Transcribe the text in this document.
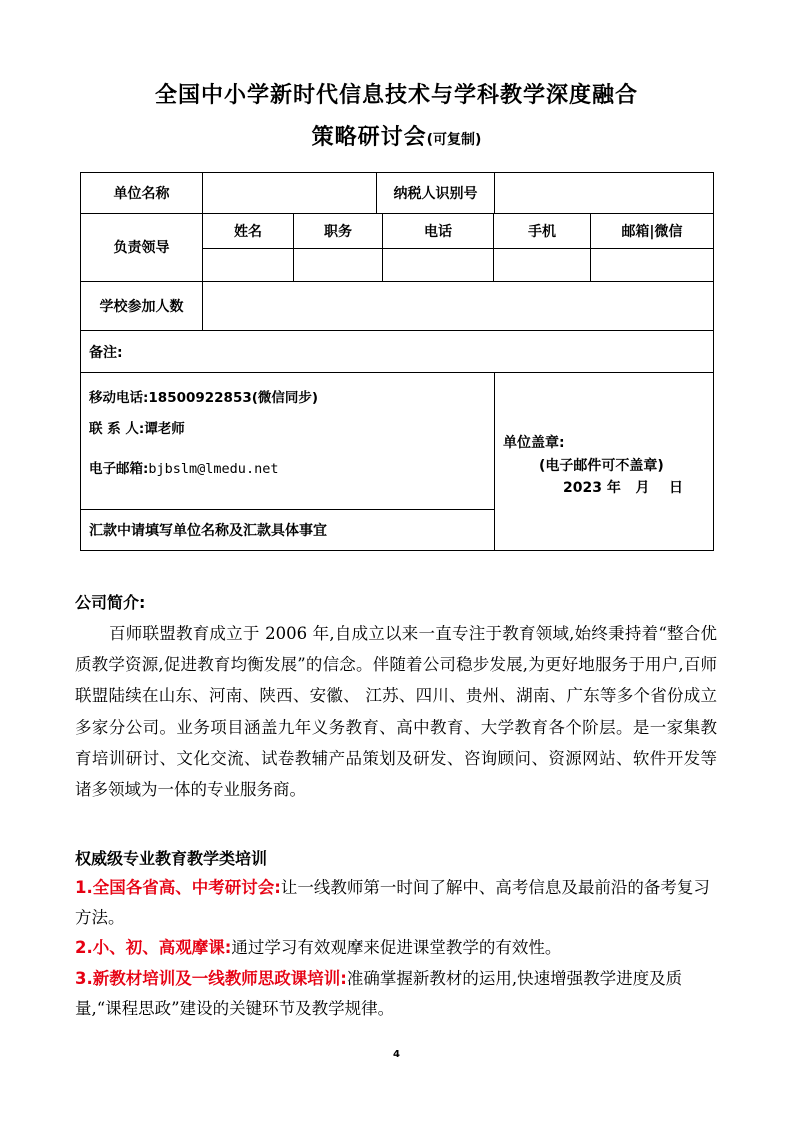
全国中小学新时代信息技术与学科教学深度融合
策略研讨会(可复制)
单位名称	纳税人识别号
负责领导
姓名	职务	电话	手机	邮箱|微信
学校参加人数
备注:
移动电话:18500922853(微信同步)
联 系 人:谭老师
电子邮箱:bjbslm@lmedu.net
汇款中请填写单位名称及汇款具体事宜
单位盖章:
(电子邮件可不盖章)
2023 年   月    日
公司简介:

百师联盟教育成立于 2006 年,自成立以来一直专注于教育领域,始终秉持着“整合优质教学资源,促进教育均衡发展”的信念。伴随着公司稳步发展,为更好地服务于用户,百师联盟陆续在山东、河南、陕西、安徽、 江苏、四川、贵州、湖南、广东等多个省份成立多家分公司。业务项目涵盖九年义务教育、高中教育、大学教育各个阶层。是一家集教育培训研讨、文化交流、试卷教辅产品策划及研发、咨询顾问、资源网站、软件开发等诸多领域为一体的专业服务商。

权威级专业教育教学类培训

1.全国各省高、中考研讨会:让一线教师第一时间了解中、高考信息及最前沿的备考复习方法。

2.小、初、高观摩课:通过学习有效观摩来促进课堂教学的有效性。

3.新教材培训及一线教师思政课培训:准确掌握新教材的运用,快速增强教学进度及质量,“课程思政”建设的关键环节及教学规律。

4
